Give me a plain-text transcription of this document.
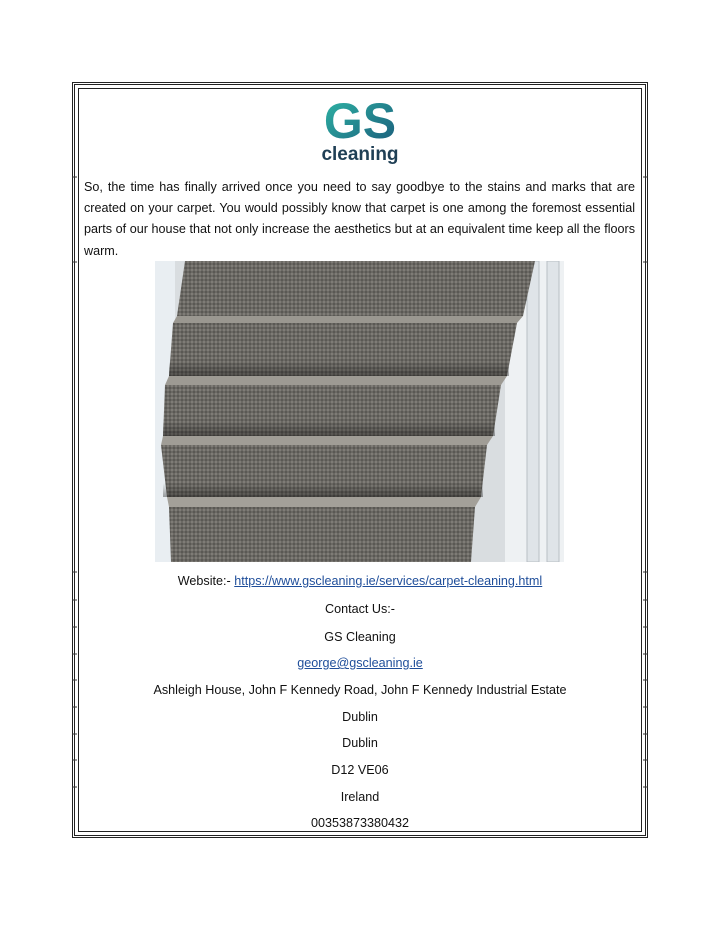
GS
cleaning

So, the time has finally arrived once you need to say goodbye to the stains and marks that are created on your carpet. You would possibly know that carpet is one among the foremost essential parts of our house that not only increase the aesthetics but at an equivalent time keep all the floors warm.

Website:- https://www.gscleaning.ie/services/carpet-cleaning.html
Contact Us:-
GS Cleaning
george@gscleaning.ie
Ashleigh House, John F Kennedy Road, John F Kennedy Industrial Estate
Dublin
Dublin
D12 VE06
Ireland
00353873380432
